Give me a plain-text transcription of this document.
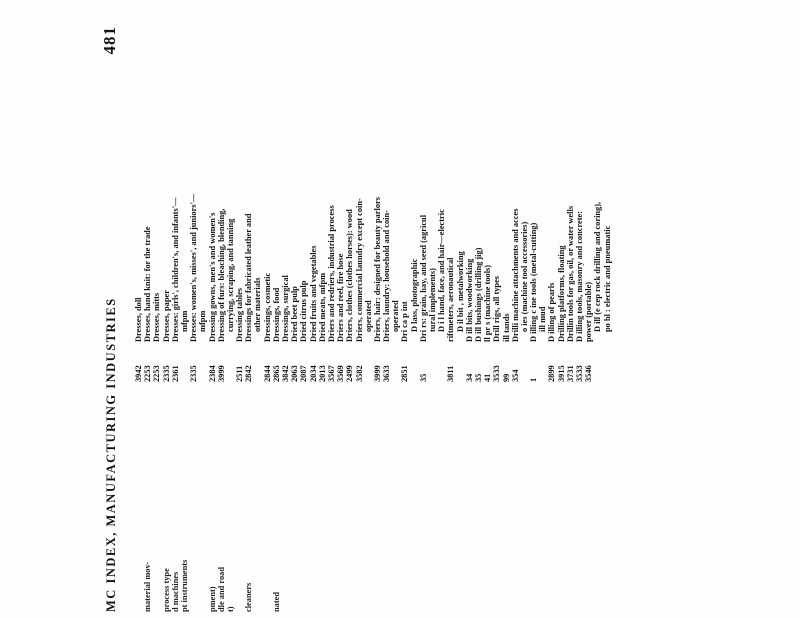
MC INDEX, MANUFACTURING INDUSTRIES
481
3942
Dresses, doll
material mov-
2253
Dresses, hand knit: for the trade
2253
Dresses, mitts
process type
2335
Dresses, paper
d machines
2361
Dresses: girls', children's, and infants'—
pt instruments
mfpm
2335
Dresses: women's, misses', and juniors'— mfpm
pment)
2384
Dressing gowns, men's and women's
dle and road
3999
Dressing of furs: bleaching, blending,
t)
currying, scraping, and tanning
2511
Dressing tables
cleaners
2842
Dressings for fabricated leather and other materials
2844
Dressings, cosmetic
nated
2865
Dressings, food
3842
Dressings, surgical
2063
Dried beet pulp
2087
Dried citrus pulp
2034
Dried fruits and vegetables
2013
Dried meats, mfpm
3567
Driers and redriers, industrial process
3569
Driers and reel, fire hose
2499
Driers, clothes (clothes horses): wood
3582
Driers, commercial laundry except coin- operated
3999
Driers, hair: designed for beauty parlors
3633
Driers, laundry: household and coin- operated
2851
Dri ca p int D lass, photographic
35
Dri rs: grain, hay, and seed (agricul tural implements) D i l hand, face, and hair—electric
3811
riftmeters, aeronautical D il bit , metalworking
34
D ill bits, woodworking
35
D ill bushings (drilling jig)
41
ll pr s (machine tools)
3533
Drill rigs, all types
99
ill tands
354
Drilli machine attachments and acces o ies (machine tool accessories)
1
D illing c ine tools (metal-cutting) ill mud
2899
D illing of pearls
3915
Drilling platforms, floating
3731
Drillin tools for gas, oil, or water wells
3533
D illing tools, masonry and concrete:
3546
power (portable) D ill (e cep rock drilling and coring), po bl : electric and pneumatic
